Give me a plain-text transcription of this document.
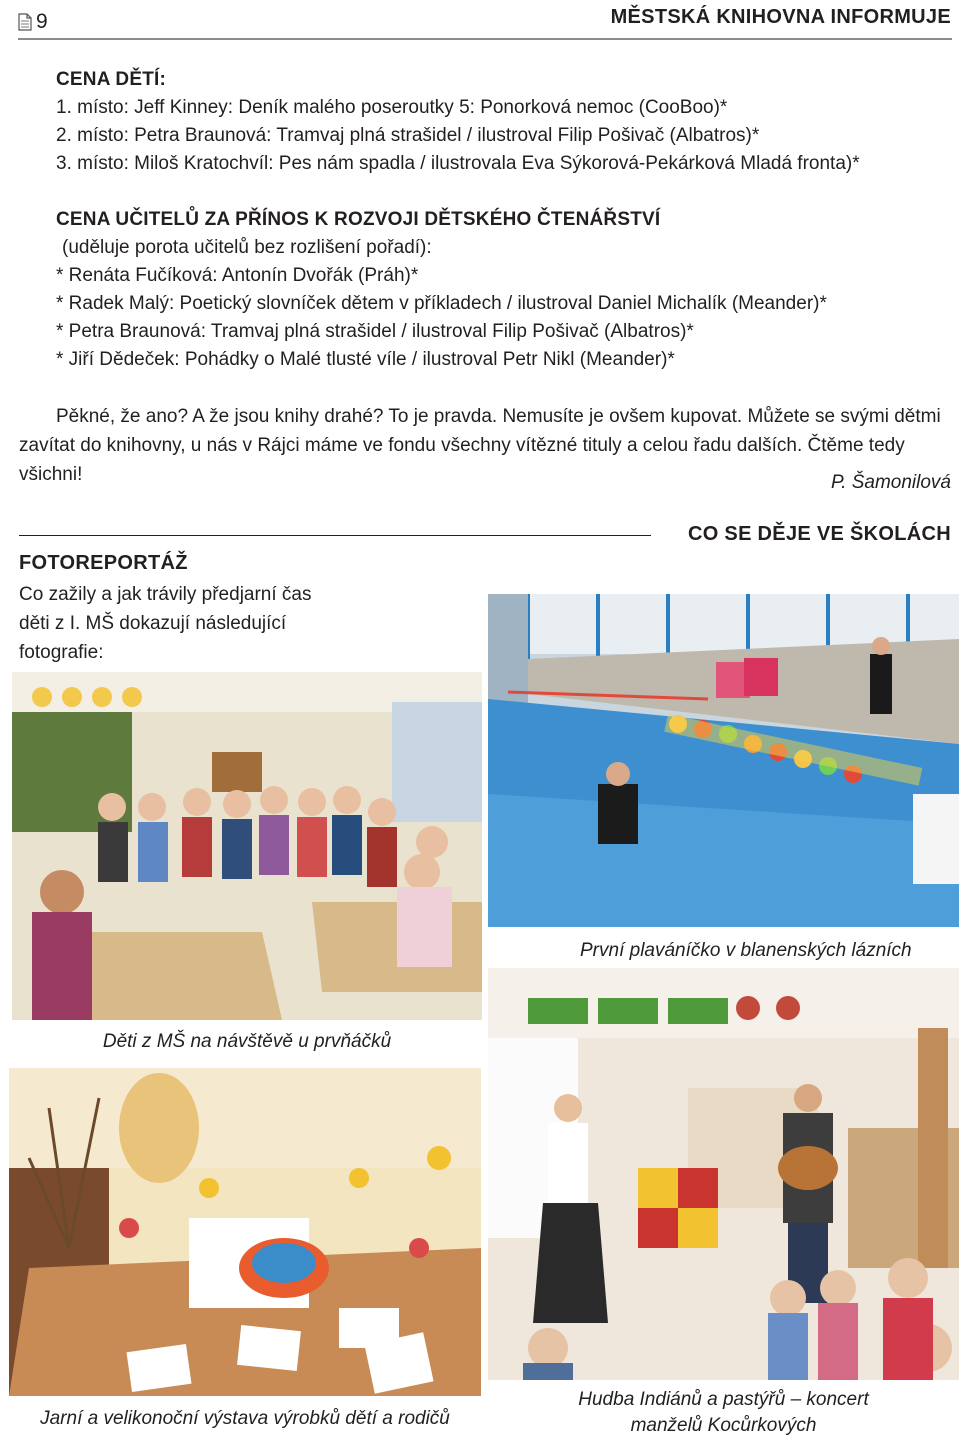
9	MĚSTSKÁ KNIHOVNA INFORMUJE
CENA DĚTÍ:
1. místo: Jeff Kinney: Deník malého poseroutky 5: Ponorková nemoc (CooBoo)*
2. místo: Petra Braunová: Tramvaj plná strašidel / ilustroval Filip Pošivač (Albatros)*
3. místo: Miloš Kratochvíl: Pes nám spadla / ilustrovala Eva Sýkorová-Pekárková Mladá fronta)*
CENA UČITELŮ ZA PŘÍNOS K ROZVOJI DĚTSKÉHO ČTENÁŘSTVÍ
(uděluje porota učitelů bez rozlišení pořadí):
* Renáta Fučíková: Antonín Dvořák (Práh)*
* Radek Malý: Poetický slovníček dětem v příkladech / ilustroval Daniel Michalík (Meander)*
* Petra Braunová: Tramvaj plná strašidel / ilustroval Filip Pošivač (Albatros)*
* Jiří Dědeček: Pohádky o Malé tlusté víle / ilustroval Petr Nikl (Meander)*
Pěkné, že ano? A že jsou knihy drahé? To je pravda. Nemusíte je ovšem kupovat. Můžete se svými dětmi zavítat do knihovny, u nás v Rájci máme ve fondu všechny vítězné tituly a celou řadu dalších. Čtěme tedy všichni!	P. Šamonilová
CO SE DĚJE VE ŠKOLÁCH
FOTOREPORTÁŽ
Co zažily a jak trávily předjarní čas děti z I. MŠ dokazují následující fotografie:
První plaváníčko v blanenských lázních
Děti z MŠ na návštěvě u prvňáčků
Hudba Indiánů a pastýřů – koncert
manželů Kocůrkových
Jarní a velikonoční výstava výrobků dětí a rodičů
